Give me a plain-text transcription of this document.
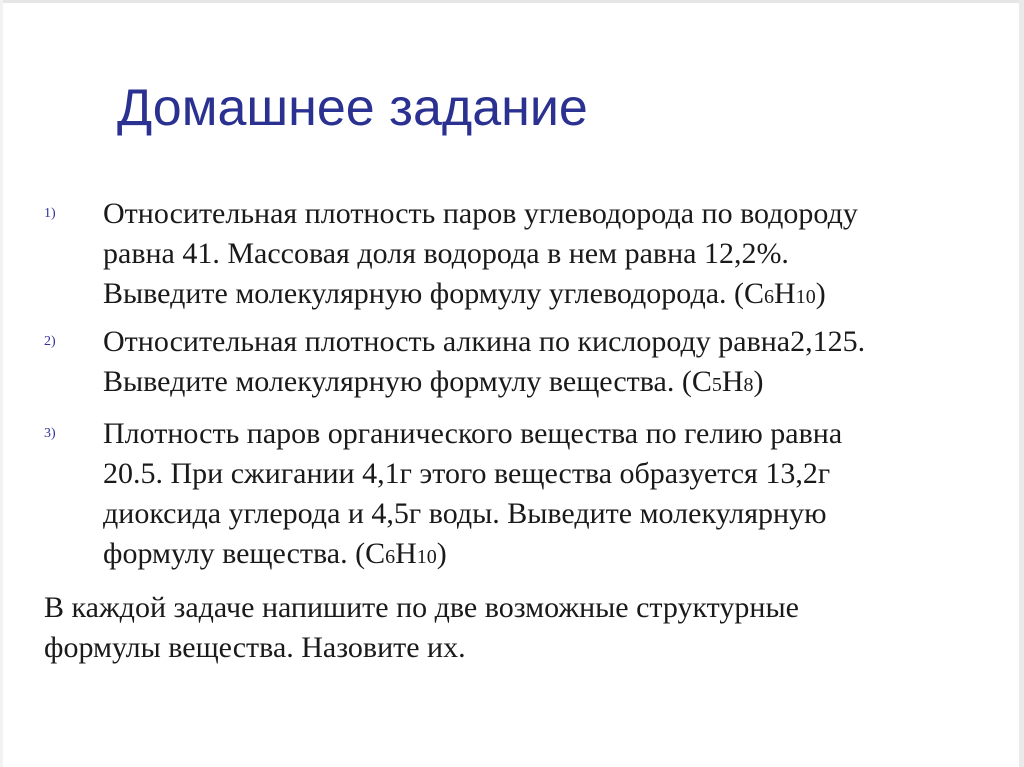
Домашнее задание
1) Относительная плотность паров углеводорода по водороду
равна 41. Массовая доля водорода в нем равна 12,2%.
Выведите молекулярную формулу углеводорода. (C6H10)
2) Относительная плотность алкина по кислороду равна2,125.
Выведите молекулярную формулу вещества. (C5H8)
3) Плотность паров органического вещества по гелию равна
20.5. При сжигании 4,1г этого вещества образуется 13,2г
диоксида углерода и 4,5г воды. Выведите молекулярную
формулу вещества. (C6H10)
В каждой задаче напишите по две возможные структурные
формулы вещества. Назовите их.
